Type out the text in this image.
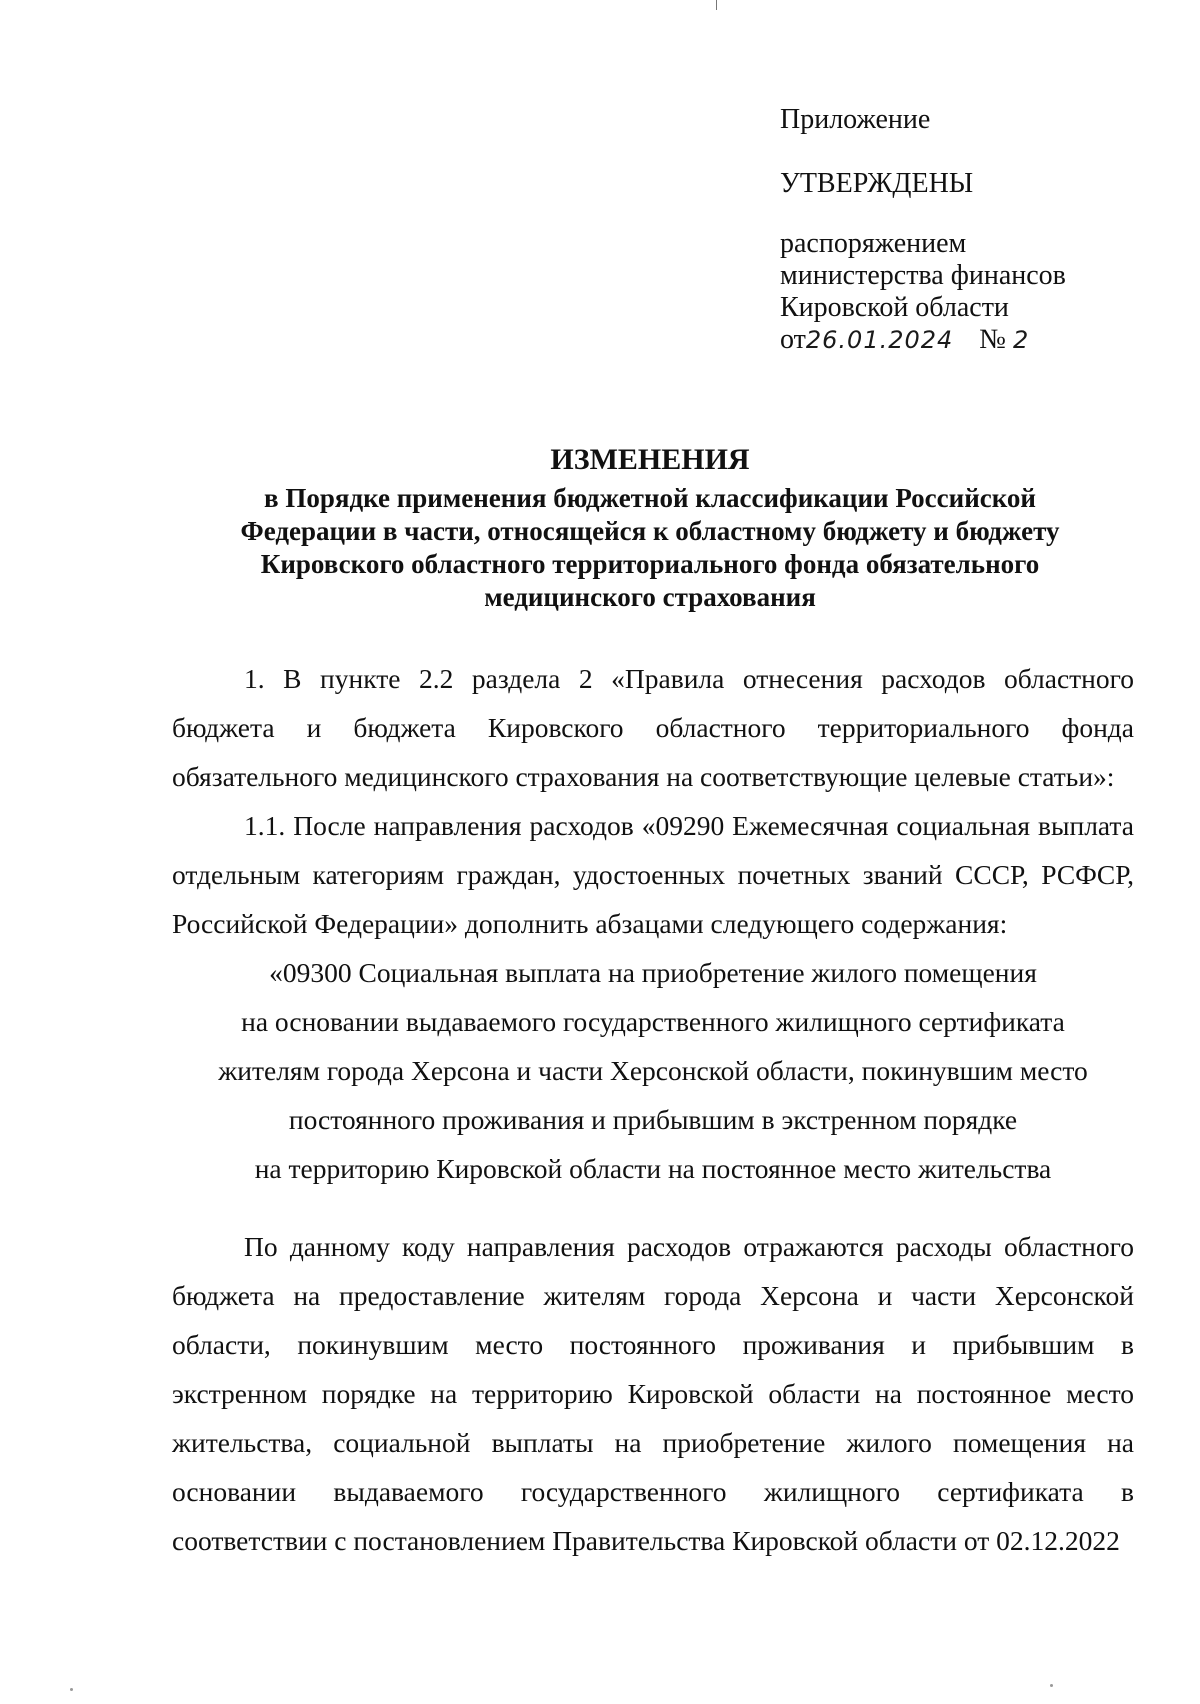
Приложение
УТВЕРЖДЕНЫ
распоряжением
министерства финансов
Кировской области
от26.01.2024 № 2
ИЗМЕНЕНИЯ
в Порядке применения бюджетной классификации Российской Федерации в части, относящейся к областному бюджету и бюджету Кировского областного территориального фонда обязательного медицинского страхования

1. В пункте 2.2 раздела 2 «Правила отнесения расходов областного бюджета и бюджета Кировского областного территориального фонда обязательного медицинского страхования на соответствующие целевые статьи»:

1.1. После направления расходов «09290 Ежемесячная социальная выплата отдельным категориям граждан, удостоенных почетных званий СССР, РСФСР, Российской Федерации» дополнить абзацами следующего содержания:

«09300 Социальная выплата на приобретение жилого помещения

на основании выдаваемого государственного жилищного сертификата

жителям города Херсона и части Херсонской области, покинувшим место

постоянного проживания и прибывшим в экстренном порядке

на территорию Кировской области на постоянное место жительства

По данному коду направления расходов отражаются расходы областного бюджета на предоставление жителям города Херсона и части Херсонской области, покинувшим место постоянного проживания и прибывшим в экстренном порядке на территорию Кировской области на постоянное место жительства, социальной выплаты на приобретение жилого помещения на основании выдаваемого государственного жилищного сертификата в соответствии с постановлением Правительства Кировской области от 02.12.2022
